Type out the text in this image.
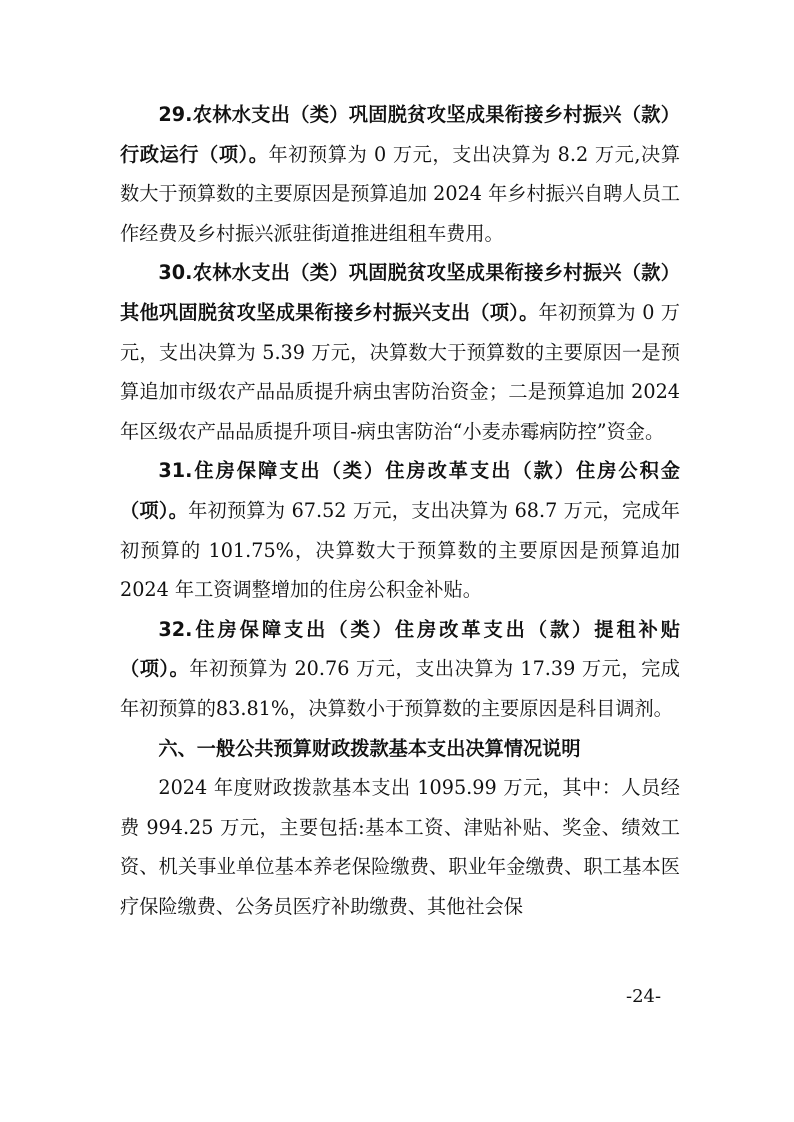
29.农林水支出（类）巩固脱贫攻坚成果衔接乡村振兴（款）行政运行（项）。年初预算为 0 万元，支出决算为 8.2 万元,决算数大于预算数的主要原因是预算追加 2024 年乡村振兴自聘人员工作经费及乡村振兴派驻街道推进组租车费用。

30.农林水支出（类）巩固脱贫攻坚成果衔接乡村振兴（款）其他巩固脱贫攻坚成果衔接乡村振兴支出（项）。年初预算为 0 万元，支出决算为 5.39 万元，决算数大于预算数的主要原因一是预算追加市级农产品品质提升病虫害防治资金；二是预算追加 2024 年区级农产品品质提升项目-病虫害防治“小麦赤霉病防控”资金。

31.住房保障支出（类）住房改革支出（款）住房公积金（项）。年初预算为 67.52 万元，支出决算为 68.7 万元，完成年初预算的 101.75%，决算数大于预算数的主要原因是预算追加 2024 年工资调整增加的住房公积金补贴。

32.住房保障支出（类）住房改革支出（款）提租补贴（项）。年初预算为 20.76 万元，支出决算为 17.39 万元，完成年初预算的83.81%，决算数小于预算数的主要原因是科目调剂。

六、一般公共预算财政拨款基本支出决算情况说明

2024 年度财政拨款基本支出 1095.99 万元，其中：人员经费 994.25 万元，主要包括:基本工资、津贴补贴、奖金、绩效工资、机关事业单位基本养老保险缴费、职业年金缴费、职工基本医疗保险缴费、公务员医疗补助缴费、其他社会保

-24-
